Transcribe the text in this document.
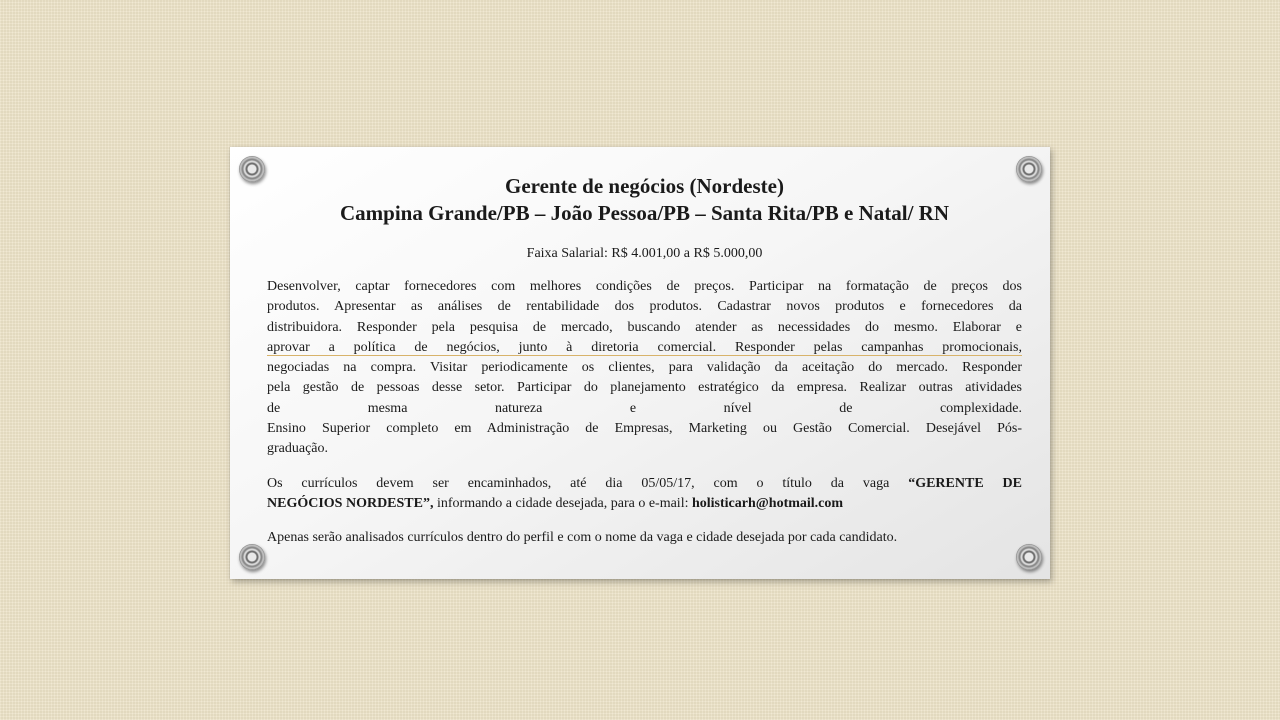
Gerente de negócios (Nordeste)
Campina Grande/PB – João Pessoa/PB – Santa Rita/PB e Natal/ RN

Faixa Salarial: R$ 4.001,00 a R$ 5.000,00

Desenvolver, captar fornecedores com melhores condições de preços. Participar na formatação de preços dos
produtos. Apresentar as análises de rentabilidade dos produtos. Cadastrar novos produtos e fornecedores da
distribuidora. Responder pela pesquisa de mercado, buscando atender as necessidades do mesmo. Elaborar e
aprovar a política de negócios, junto à diretoria comercial. Responder pelas campanhas promocionais,
negociadas na compra. Visitar periodicamente os clientes, para validação da aceitação do mercado. Responder
pela gestão de pessoas desse setor. Participar do planejamento estratégico da empresa. Realizar outras atividades
de mesma natureza e nível de complexidade.
Ensino Superior completo em Administração de Empresas, Marketing ou Gestão Comercial. Desejável Pós-
graduação.
Os currículos devem ser encaminhados, até dia 05/05/17, com o título da vaga “GERENTE DE
NEGÓCIOS NORDESTE”, informando a cidade desejada, para o e-mail: holisticarh@hotmail.com

Apenas serão analisados currículos dentro do perfil e com o nome da vaga e cidade desejada por cada candidato.
